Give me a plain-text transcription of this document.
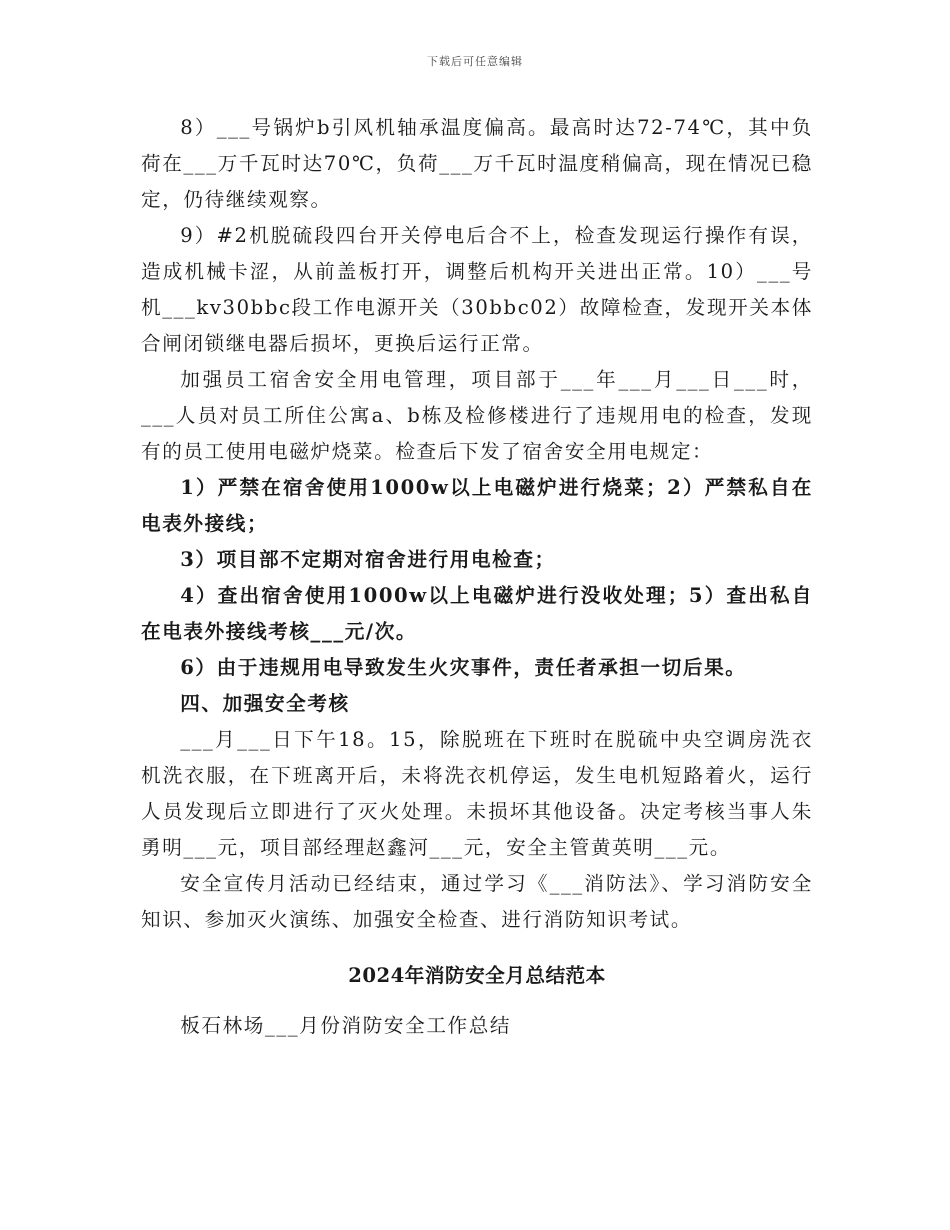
下载后可任意编辑

8）___号锅炉b引风机轴承温度偏高。最高时达72-74℃，其中负荷在___万千瓦时达70℃，负荷___万千瓦时温度稍偏高，现在情况已稳定，仍待继续观察。

9）#2机脱硫段四台开关停电后合不上，检查发现运行操作有误，造成机械卡涩，从前盖板打开，调整后机构开关进出正常。10）___号机___kv30bbc段工作电源开关（30bbc02）故障检查，发现开关本体合闸闭锁继电器后损坏，更换后运行正常。

加强员工宿舍安全用电管理，项目部于___年___月___日___时，___人员对员工所住公寓a、b栋及检修楼进行了违规用电的检查，发现有的员工使用电磁炉烧菜。检查后下发了宿舍安全用电规定：

1）严禁在宿舍使用1000w以上电磁炉进行烧菜；2）严禁私自在电表外接线；

3）项目部不定期对宿舍进行用电检查；

4）查出宿舍使用1000w以上电磁炉进行没收处理；5）查出私自在电表外接线考核___元/次。

6）由于违规用电导致发生火灾事件，责任者承担一切后果。

四、加强安全考核

___月___日下午18。15，除脱班在下班时在脱硫中央空调房洗衣机洗衣服，在下班离开后，未将洗衣机停运，发生电机短路着火，运行人员发现后立即进行了灭火处理。未损坏其他设备。决定考核当事人朱勇明___元，项目部经理赵鑫河___元，安全主管黄英明___元。

安全宣传月活动已经结束，通过学习《___消防法》、学习消防安全知识、参加灭火演练、加强安全检查、进行消防知识考试。

2024年消防安全月总结范本

板石林场___月份消防安全工作总结
